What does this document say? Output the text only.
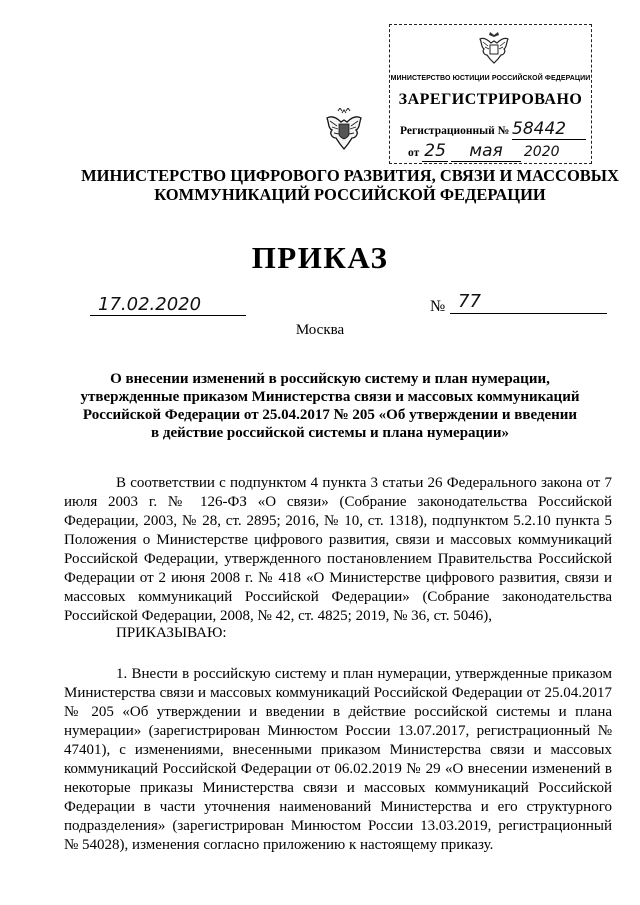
МИНИСТЕРСТВО ЮСТИЦИИ РОССИЙСКОЙ ФЕДЕРАЦИИ
ЗАРЕГИСТРИРОВАНО
Регистрационный № 58442
от 25 мая 2020
МИНИСТЕРСТВО ЦИФРОВОГО РАЗВИТИЯ, СВЯЗИ И МАССОВЫХ
КОММУНИКАЦИЙ РОССИЙСКОЙ ФЕДЕРАЦИИ
ПРИКАЗ
17.02.2020	№ 77
Москва
О внесении изменений в российскую систему и план нумерации,
утвержденные приказом Министерства связи и массовых коммуникаций
Российской Федерации от 25.04.2017 № 205 «Об утверждении и введении
в действие российской системы и плана нумерации»

В соответствии с подпунктом 4 пункта 3 статьи 26 Федерального закона от 7 июля 2003 г. № 126-ФЗ «О связи» (Собрание законодательства Российской Федерации, 2003, № 28, ст. 2895; 2016, № 10, ст. 1318), подпунктом 5.2.10 пункта 5 Положения о Министерстве цифрового развития, связи и массовых коммуникаций Российской Федерации, утвержденного постановлением Правительства Российской Федерации от 2 июня 2008 г. № 418 «О Министерстве цифрового развития, связи и массовых коммуникаций Российской Федерации» (Собрание законодательства Российской Федерации, 2008, № 42, ст. 4825; 2019, № 36, ст. 5046),

ПРИКАЗЫВАЮ:

1. Внести в российскую систему и план нумерации, утвержденные приказом Министерства связи и массовых коммуникаций Российской Федерации от 25.04.2017 № 205 «Об утверждении и введении в действие российской системы и плана нумерации» (зарегистрирован Минюстом России 13.07.2017, регистрационный № 47401), с изменениями, внесенными приказом Министерства связи и массовых коммуникаций Российской Федерации от 06.02.2019 № 29 «О внесении изменений в некоторые приказы Министерства связи и массовых коммуникаций Российской Федерации в части уточнения наименований Министерства и его структурного подразделения» (зарегистрирован Минюстом России 13.03.2019, регистрационный № 54028), изменения согласно приложению к настоящему приказу.
